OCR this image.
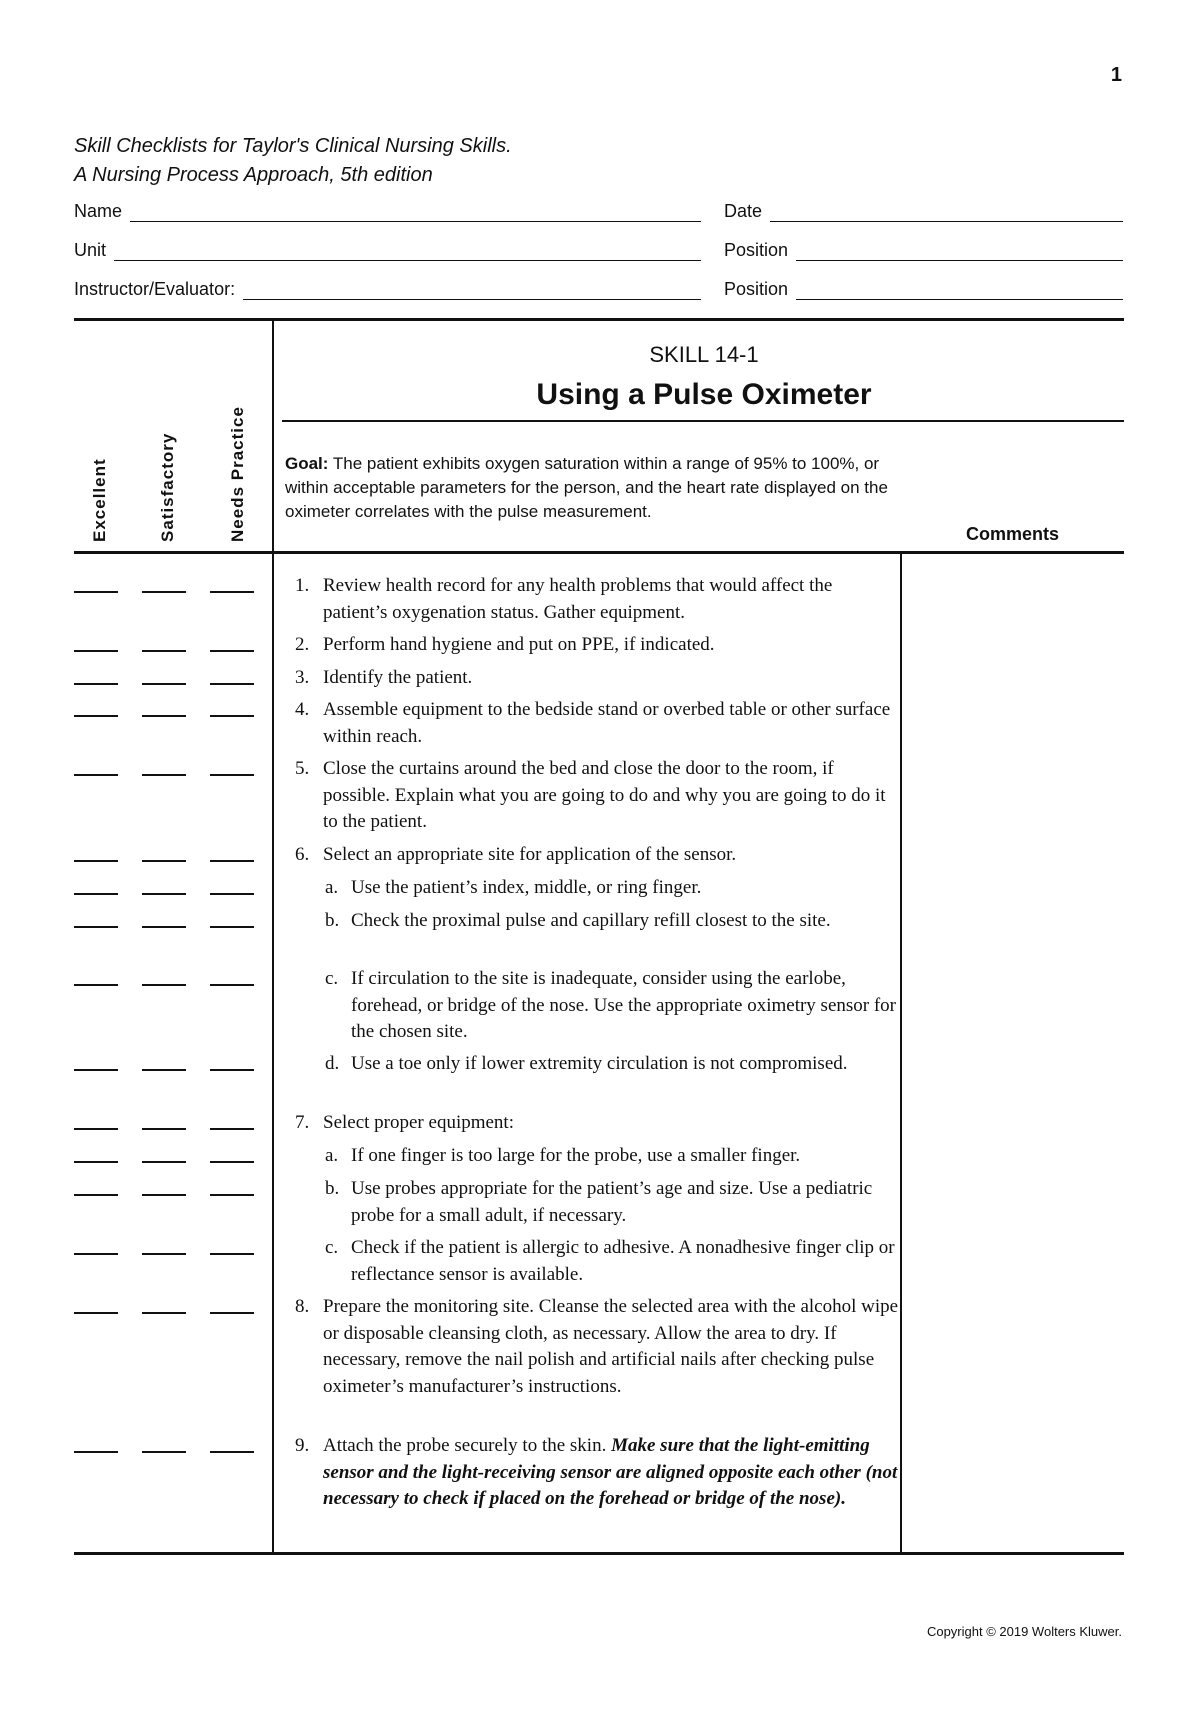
1
Skill Checklists for Taylor's Clinical Nursing Skills.
A Nursing Process Approach, 5th edition
Name	Date
Unit	Position
Instructor/Evaluator:	Position
Excellent	Satisfactory	Needs Practice
SKILL 14-1
Using a Pulse Oximeter
Goal: The patient exhibits oxygen saturation within a range of 95% to 100%, or within acceptable parameters for the person, and the heart rate displayed on the oximeter correlates with the pulse measurement.
Comments
1. Review health record for any health problems that would affect the patient’s oxygenation status. Gather equipment.
2. Perform hand hygiene and put on PPE, if indicated.
3. Identify the patient.
4. Assemble equipment to the bedside stand or overbed table or other surface within reach.
5. Close the curtains around the bed and close the door to the room, if possible. Explain what you are going to do and why you are going to do it to the patient.
6. Select an appropriate site for application of the sensor.
a. Use the patient’s index, middle, or ring finger.
b. Check the proximal pulse and capillary refill closest to the site.
c. If circulation to the site is inadequate, consider using the earlobe, forehead, or bridge of the nose. Use the appropriate oximetry sensor for the chosen site.
d. Use a toe only if lower extremity circulation is not compromised.
7. Select proper equipment:
a. If one finger is too large for the probe, use a smaller finger.
b. Use probes appropriate for the patient’s age and size. Use a pediatric probe for a small adult, if necessary.
c. Check if the patient is allergic to adhesive. A nonadhesive finger clip or reflectance sensor is available.
8. Prepare the monitoring site. Cleanse the selected area with the alcohol wipe or disposable cleansing cloth, as necessary. Allow the area to dry. If necessary, remove the nail polish and artificial nails after checking pulse oximeter’s manufacturer’s instructions.
9. Attach the probe securely to the skin. Make sure that the light-emitting sensor and the light-receiving sensor are aligned opposite each other (not necessary to check if placed on the forehead or bridge of the nose).
Copyright © 2019 Wolters Kluwer.
